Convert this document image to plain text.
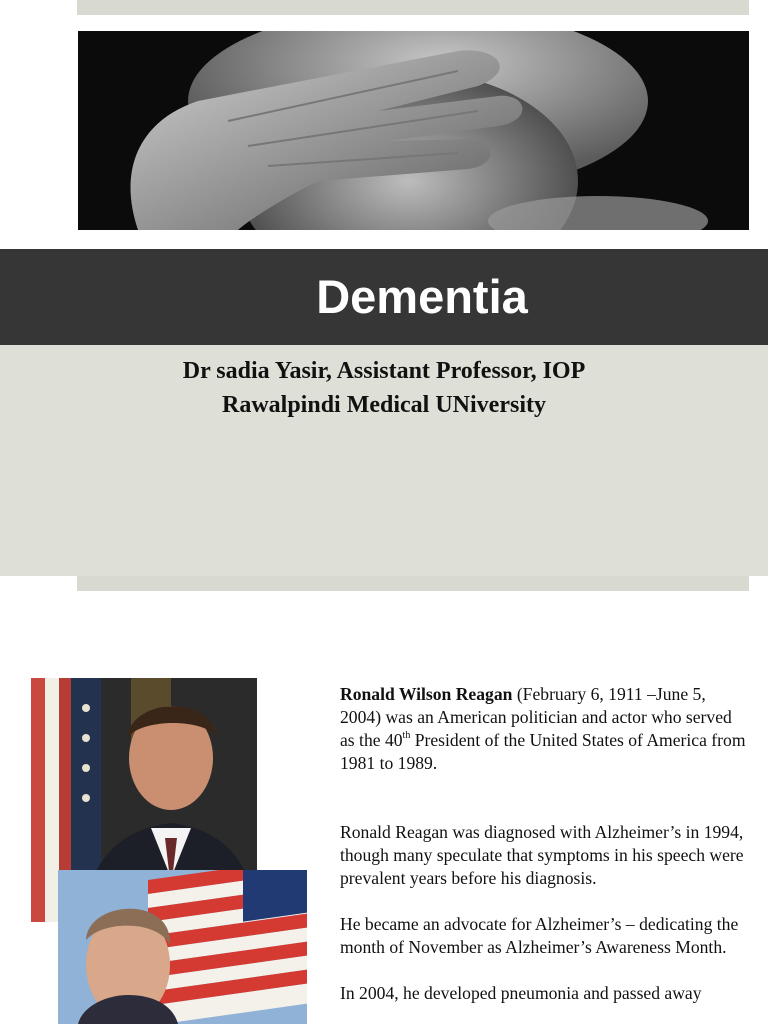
Dementia
Dr sadia Yasir, Assistant Professor, IOP
Rawalpindi Medical UNiversity

Ronald Wilson Reagan (February 6, 1911 –June 5, 2004) was an American politician and actor who served as the 40th President of the United States of America from 1981 to 1989.

Ronald Reagan was diagnosed with Alzheimer’s in 1994, though many speculate that symptoms in his speech were prevalent years before his diagnosis.

He became an advocate for Alzheimer’s – dedicating the month of November as Alzheimer’s Awareness Month.

In 2004, he developed pneumonia and passed away
